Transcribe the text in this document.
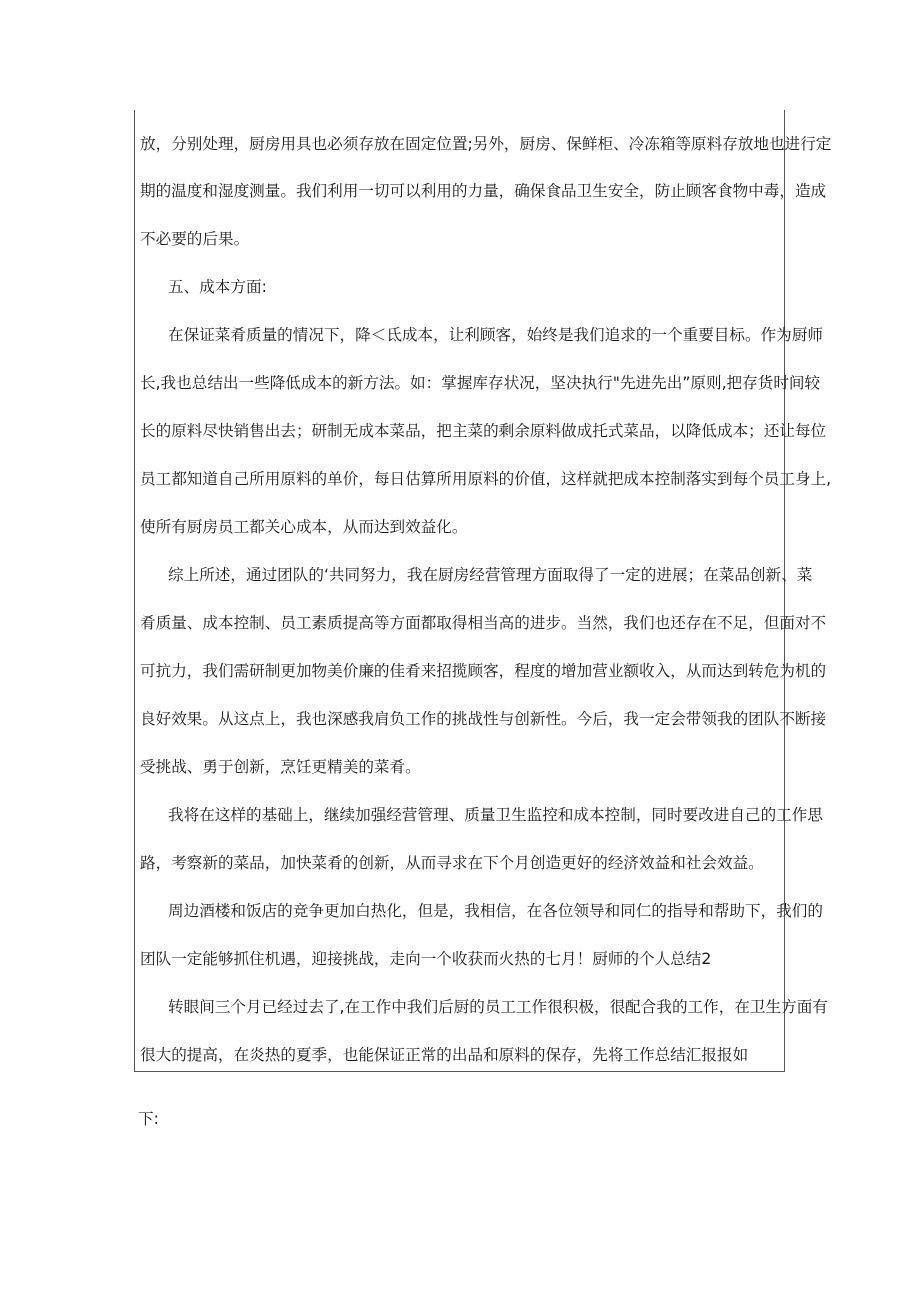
放，分别处理，厨房用具也必须存放在固定位置;另外，厨房、保鲜柜、冷冻箱等原料存放地也进行定
期的温度和湿度测量。我们利用一切可以利用的力量，确保食品卫生安全，防止顾客食物中毒，造成
不必要的后果。
五、成本方面:
在保证菜肴质量的情况下，降＜氐成本，让利顾客，始终是我们追求的一个重要目标。作为厨师
长,我也总结出一些降低成本的新方法。如：掌握库存状况，坚决执行"先进先出”原则,把存货时间较
长的原料尽快销售出去；研制无成本菜品，把主菜的剩余原料做成托式菜品，以降低成本；还让每位
员工都知道自己所用原料的单价，每日估算所用原料的价值，这样就把成本控制落实到每个员工身上,
使所有厨房员工都关心成本，从而达到效益化。
综上所述，通过团队的‘共同努力，我在厨房经营管理方面取得了一定的进展；在菜品创新、菜
肴质量、成本控制、员工素质提高等方面都取得相当高的进步。当然，我们也还存在不足，但面对不
可抗力，我们需研制更加物美价廉的佳肴来招揽顾客，程度的增加营业额收入，从而达到转危为机的
良好效果。从这点上，我也深感我肩负工作的挑战性与创新性。今后，我一定会带领我的团队不断接
受挑战、勇于创新，烹饪更精美的菜肴。
我将在这样的基础上，继续加强经营管理、质量卫生监控和成本控制，同时要改进自己的工作思
路，考察新的菜品，加快菜肴的创新，从而寻求在下个月创造更好的经济效益和社会效益。
周边酒楼和饭店的竞争更加白热化，但是，我相信，在各位领导和同仁的指导和帮助下，我们的
团队一定能够抓住机遇，迎接挑战，走向一个收获而火热的七月！厨师的个人总结2
转眼间三个月已经过去了,在工作中我们后厨的员工工作很积极，很配合我的工作，在卫生方面有
很大的提高，在炎热的夏季，也能保证正常的出品和原料的保存，先将工作总结汇报报如
下:
